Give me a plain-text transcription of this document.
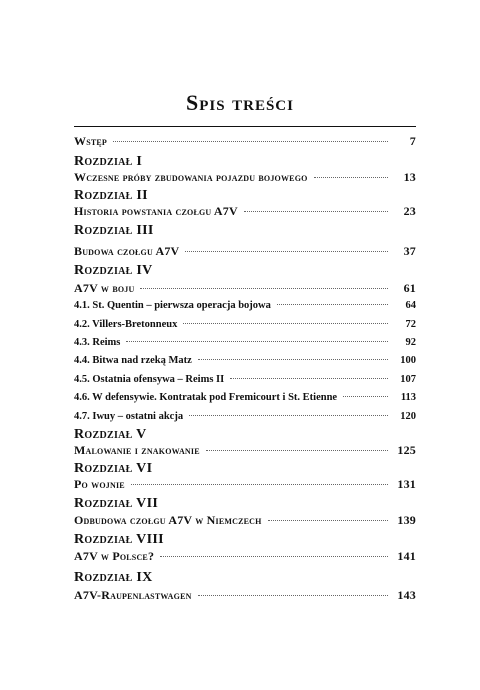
Spis treści
Wstęp	7
Rozdział I
Wczesne próby zbudowania pojazdu bojowego	13
Rozdział II
Historia powstania czołgu A7V	23
Rozdział III
Budowa czołgu A7V	37
Rozdział IV
A7V w boju	61
4.1. St. Quentin – pierwsza operacja bojowa	64
4.2. Villers-Bretonneux	72
4.3. Reims	92
4.4. Bitwa nad rzeką Matz	100
4.5. Ostatnia ofensywa – Reims II	107
4.6. W defensywie. Kontratak pod Fremicourt i St. Etienne	113
4.7. Iwuy – ostatni akcja	120
Rozdział V
Malowanie i znakowanie	125
Rozdział VI
Po wojnie	131
Rozdział VII
Odbudowa czołgu A7V w Niemczech	139
Rozdział VIII
A7V w Polsce?	141
Rozdział IX
A7V-Raupenlastwagen	143
